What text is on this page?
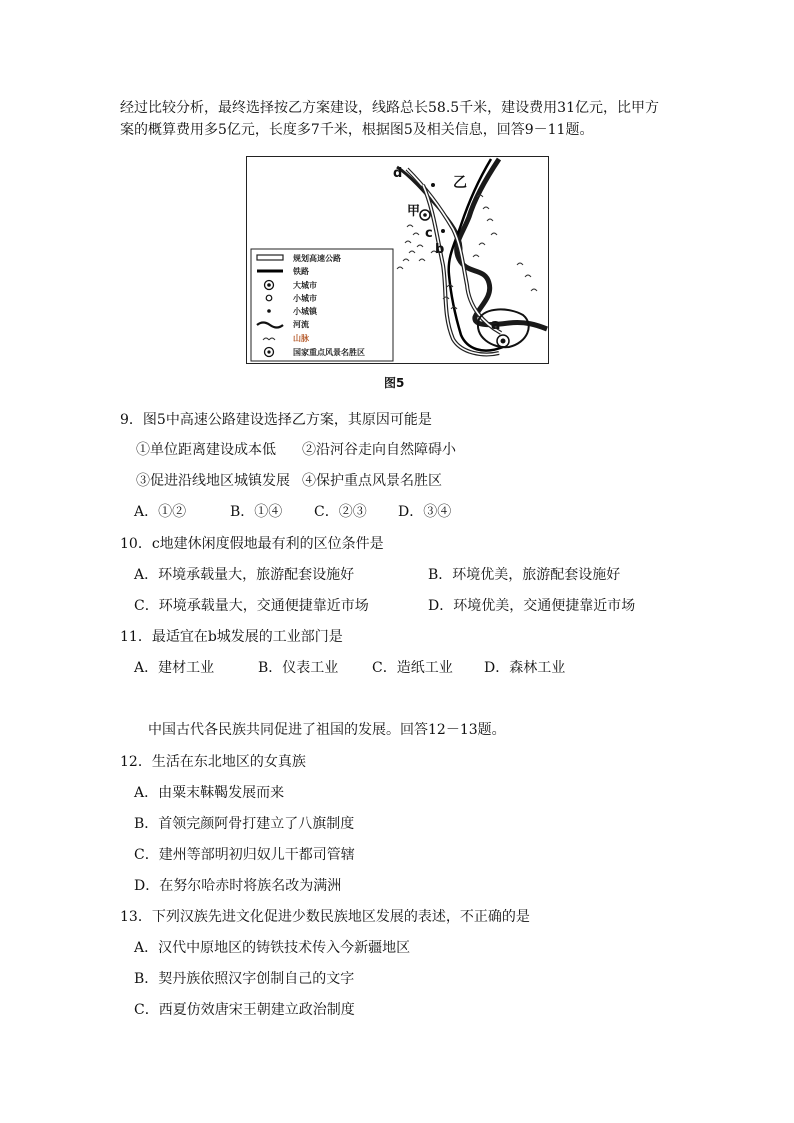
经过比较分析，最终选择按乙方案建设，线路总长58.5千米，建设费用31亿元，比甲方
案的概算费用多5亿元，长度多7千米，根据图5及相关信息，回答9－11题。
d
乙
甲
c
b
a
规划高速公路
铁路
大城市
小城市
小城镇
河流
山脉
国家重点风景名胜区
图5
9．图5中高速公路建设选择乙方案，其原因可能是
①单位距离建设成本低 ②沿河谷走向自然障碍小
③促进沿线地区城镇发展 ④保护重点风景名胜区
A．①②	B．①④ C．②③ D．③④
10．c地建休闲度假地最有利的区位条件是
A．环境承载量大，旅游配套设施好	B．环境优美，旅游配套设施好
C．环境承载量大，交通便捷靠近市场	D．环境优美，交通便捷靠近市场
11．最适宜在b城发展的工业部门是
A．建材工业	B．仪表工业 C．造纸工业 D．森林工业
中国古代各民族共同促进了祖国的发展。回答12－13题。
12．生活在东北地区的女真族
A．由粟末靺鞨发展而来
B．首领完颜阿骨打建立了八旗制度
C．建州等部明初归奴儿干都司管辖
D．在努尔哈赤时将族名改为满洲
13．下列汉族先进文化促进少数民族地区发展的表述，不正确的是
A．汉代中原地区的铸铁技术传入今新疆地区
B．契丹族依照汉字创制自己的文字
C．西夏仿效唐宋王朝建立政治制度
